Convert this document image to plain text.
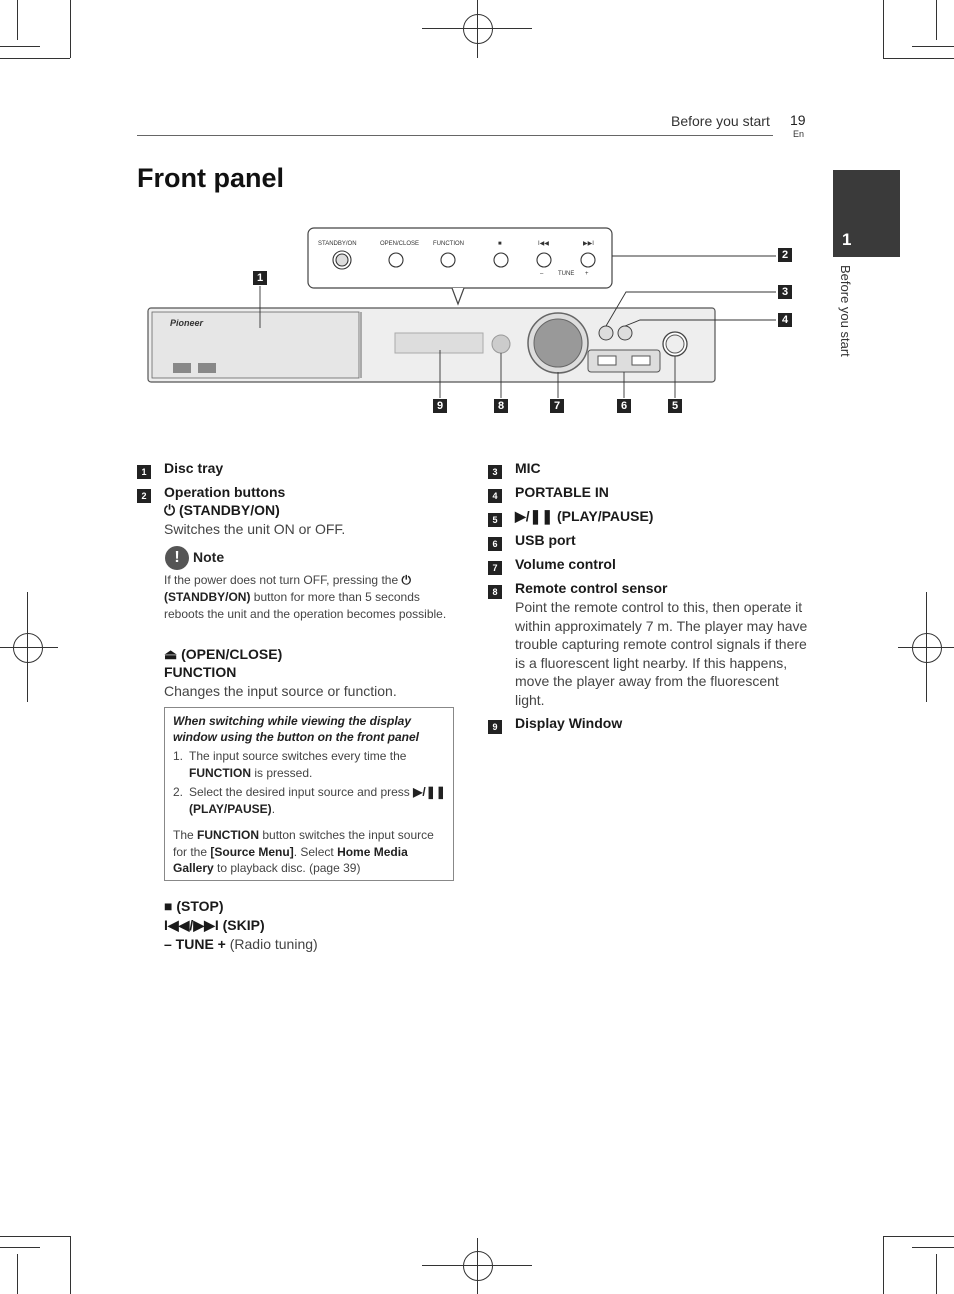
Before you start 19
En
Front panel
1
Before you start
STANDBY/ON	OPEN/CLOSE FUNCTION	■	I◀◀	▶▶I
– TUNE +
Pioneer
1
2
3
4
5
6
7
8
9
1	Disc tray
2	Operation buttons
⏻ (STANDBY/ON)
Switches the unit ON or OFF.
! Note
If the power does not turn OFF, pressing the ⏻ (STANDBY/ON) button for more than 5 seconds reboots the unit and the operation becomes possible.
⏏ (OPEN/CLOSE)
FUNCTION
Changes the input source or function.
When switching while viewing the display window using the button on the front panel
1. The input source switches every time the FUNCTION is pressed.
2. Select the desired input source and press ▶/❚❚ (PLAY/PAUSE).
The FUNCTION button switches the input source for the [Source Menu]. Select Home Media Gallery to playback disc. (page 39)
■ (STOP)
I◀◀/▶▶I (SKIP)
– TUNE + (Radio tuning)
3	MIC
4	PORTABLE IN
5	▶/❚❚ (PLAY/PAUSE)
6	USB port
7	Volume control
8	Remote control sensor
Point the remote control to this, then operate it within approximately 7 m. The player may have trouble capturing remote control signals if there is a fluorescent light nearby. If this happens, move the player away from the fluorescent light.
9	Display Window
